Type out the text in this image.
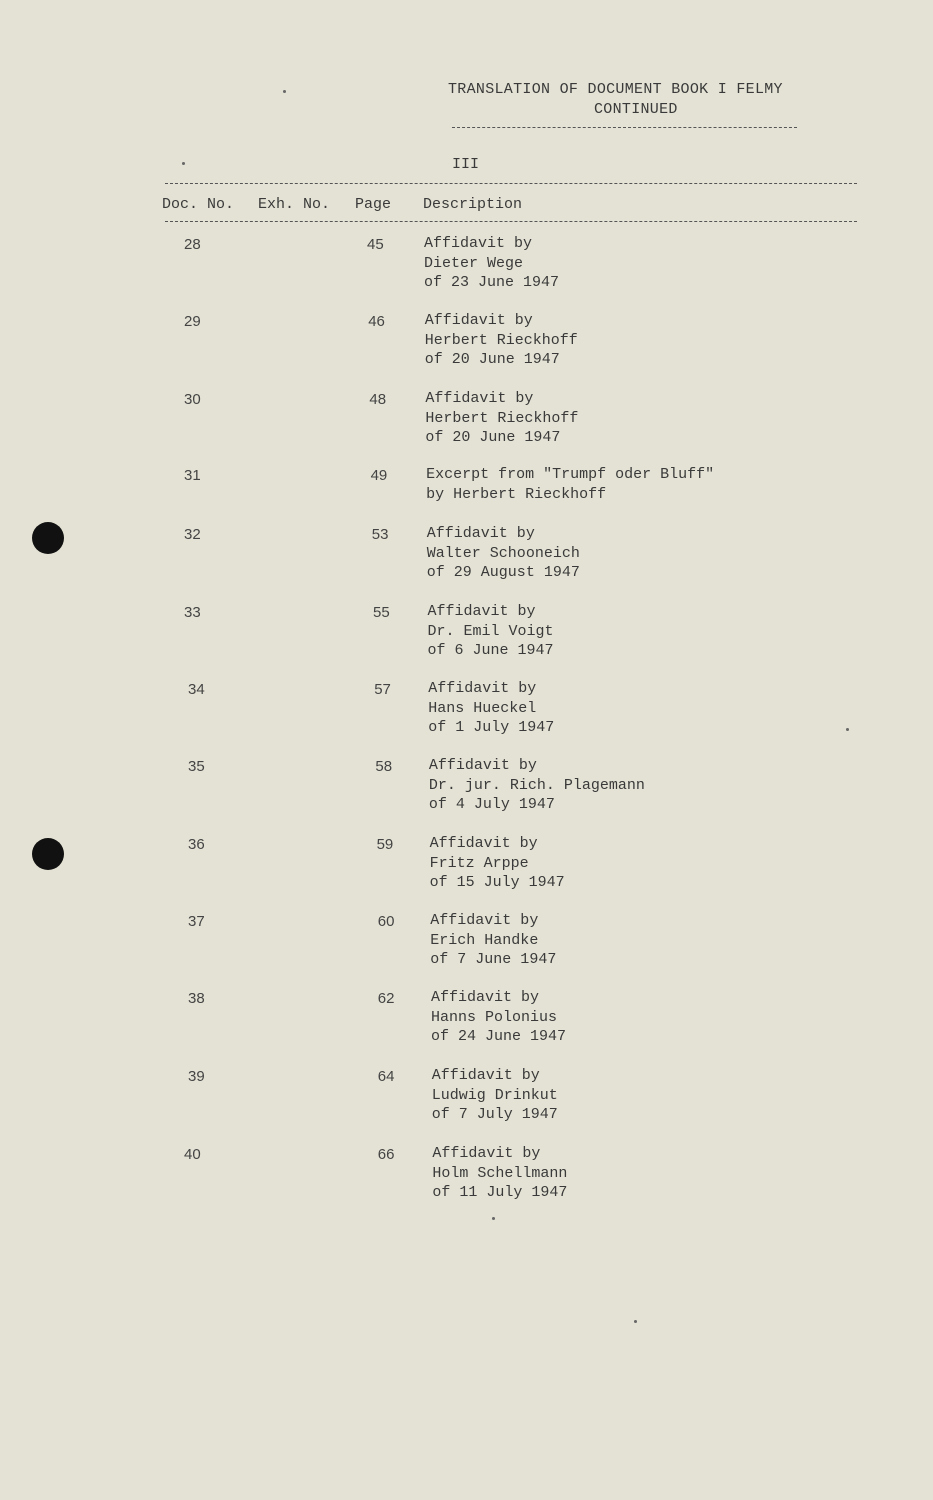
TRANSLATION OF DOCUMENT BOOK I FELMY
CONTINUED
III
Doc. No. Exh. No. Page Description
28	45	Affidavit by
Dieter Wege
of 23 June 1947
29	46	Affidavit by
Herbert Rieckhoff
of 20 June 1947
30	48	Affidavit by
Herbert Rieckhoff
of 20 June 1947
31	49	Excerpt from "Trumpf oder Bluff"
by Herbert Rieckhoff
32	53	Affidavit by
Walter Schooneich
of 29 August 1947
33	55	Affidavit by
Dr. Emil Voigt
of 6 June 1947
34	57 Affidavit by
Hans Hueckel
of 1 July 1947
35	58 Affidavit by
Dr. jur. Rich. Plagemann
of 4 July 1947
36	59 Affidavit by
Fritz Arppe
of 15 July 1947
37	60 Affidavit by
Erich Handke
of 7 June 1947
38	62 Affidavit by
Hanns Polonius
of 24 June 1947
39	64 Affidavit by
Ludwig Drinkut
of 7 July 1947
40	66	Affidavit by
Holm Schellmann
of 11 July 1947
